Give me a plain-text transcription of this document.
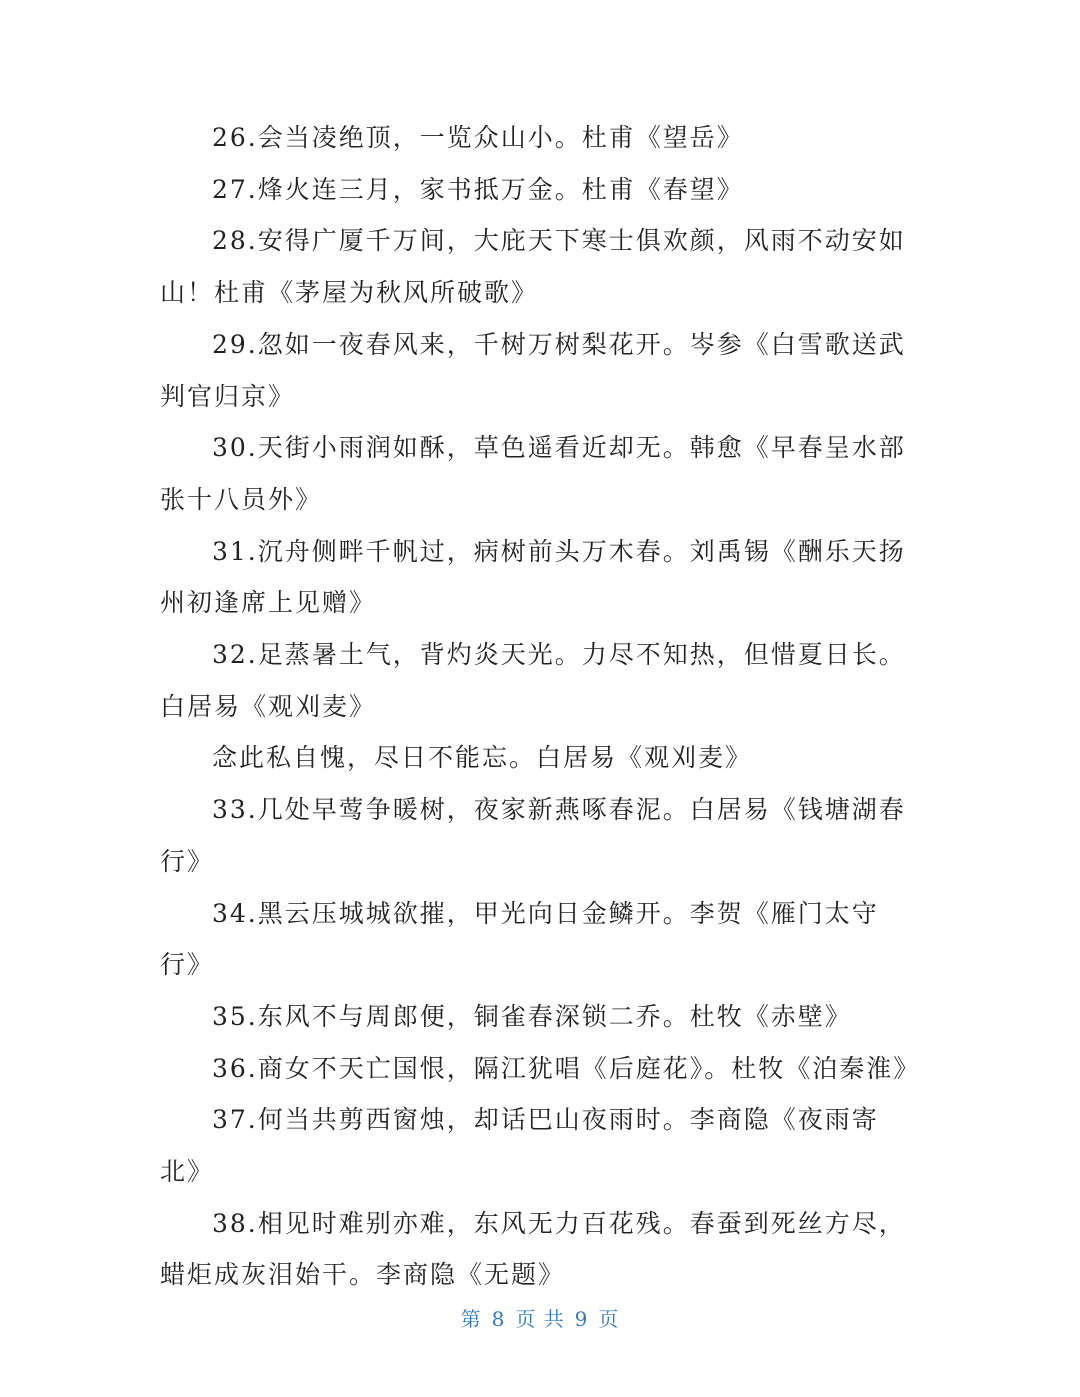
26.会当凌绝顶，一览众山小。杜甫《望岳》

27.烽火连三月，家书抵万金。杜甫《春望》

28.安得广厦千万间，大庇天下寒士俱欢颜，风雨不动安如山！杜甫《茅屋为秋风所破歌》

29.忽如一夜春风来，千树万树梨花开。岑参《白雪歌送武判官归京》

30.天街小雨润如酥，草色遥看近却无。韩愈《早春呈水部张十八员外》

31.沉舟侧畔千帆过，病树前头万木春。刘禹锡《酬乐天扬州初逢席上见赠》

32.足蒸暑土气，背灼炎天光。力尽不知热，但惜夏日长。白居易《观刈麦》

念此私自愧，尽日不能忘。白居易《观刈麦》

33.几处早莺争暖树，夜家新燕啄春泥。白居易《钱塘湖春行》

34.黑云压城城欲摧，甲光向日金鳞开。李贺《雁门太守行》

35.东风不与周郎便，铜雀春深锁二乔。杜牧《赤壁》

36.商女不天亡国恨，隔江犹唱《后庭花》。杜牧《泊秦淮》

37.何当共剪西窗烛，却话巴山夜雨时。李商隐《夜雨寄北》

38.相见时难别亦难，东风无力百花残。春蚕到死丝方尽，蜡炬成灰泪始干。李商隐《无题》

第 8 页 共 9 页
